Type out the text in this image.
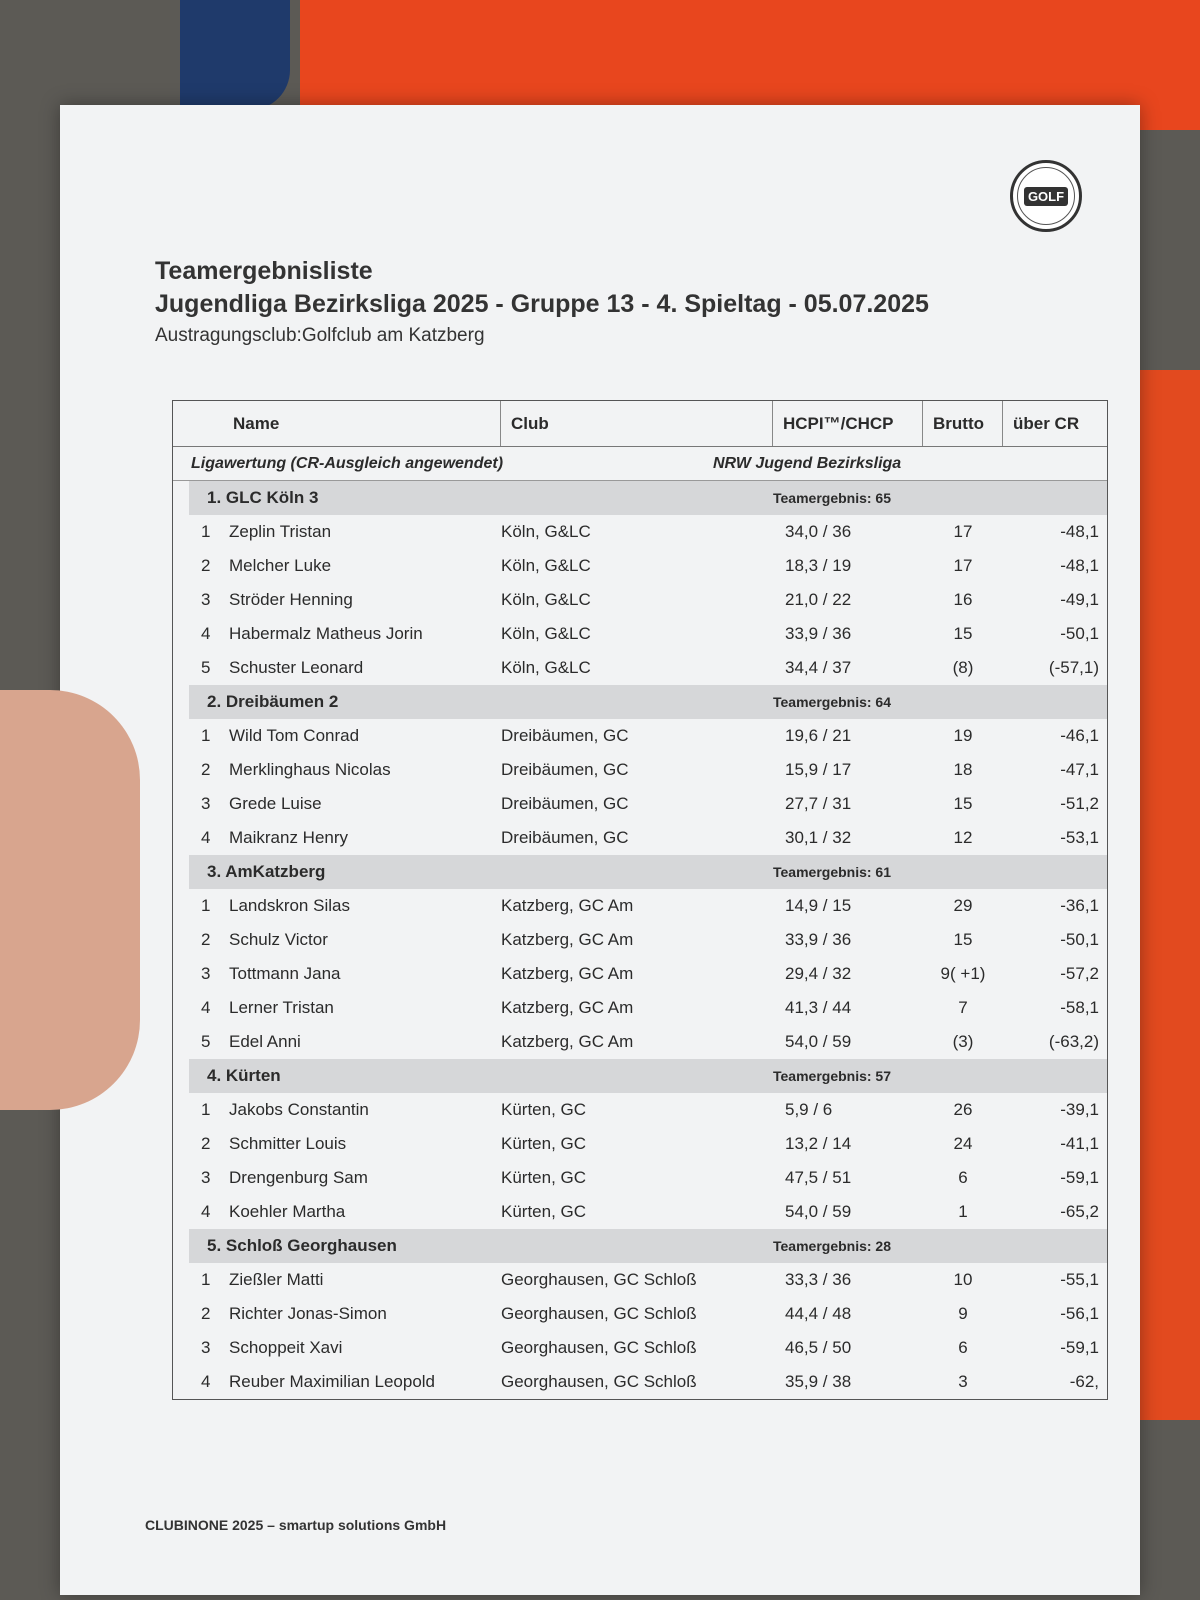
GOLF
Teamergebnisliste
Jugendliga Bezirksliga 2025 - Gruppe 13 - 4. Spieltag - 05.07.2025
Austragungsclub:Golfclub am Katzberg
Name	Club	HCPI™/CHCP	Brutto	über CR
Ligawertung (CR-Ausgleich angewendet)	NRW Jugend Bezirksliga
1. GLC Köln 3	Teamergebnis: 65
1	Zeplin Tristan	Köln, G&LC	34,0 / 36	17	-48,1
2	Melcher Luke	Köln, G&LC	18,3 / 19	17	-48,1
3	Ströder Henning	Köln, G&LC	21,0 / 22	16	-49,1
4	Habermalz Matheus Jorin	Köln, G&LC	33,9 / 36	15	-50,1
5	Schuster Leonard	Köln, G&LC	34,4 / 37	(8)	(-57,1)
2. Dreibäumen 2	Teamergebnis: 64
1	Wild Tom Conrad	Dreibäumen, GC	19,6 / 21	19	-46,1
2	Merklinghaus Nicolas	Dreibäumen, GC	15,9 / 17	18	-47,1
3	Grede Luise	Dreibäumen, GC	27,7 / 31	15	-51,2
4	Maikranz Henry	Dreibäumen, GC	30,1 / 32	12	-53,1
3. AmKatzberg	Teamergebnis: 61
1	Landskron Silas	Katzberg, GC Am	14,9 / 15	29	-36,1
2	Schulz Victor	Katzberg, GC Am	33,9 / 36	15	-50,1
3	Tottmann Jana	Katzberg, GC Am	29,4 / 32	9( +1)	-57,2
4	Lerner Tristan	Katzberg, GC Am	41,3 / 44	7	-58,1
5	Edel Anni	Katzberg, GC Am	54,0 / 59	(3)	(-63,2)
4. Kürten	Teamergebnis: 57
1	Jakobs Constantin	Kürten, GC	5,9 / 6	26	-39,1
2	Schmitter Louis	Kürten, GC	13,2 / 14	24	-41,1
3	Drengenburg Sam	Kürten, GC	47,5 / 51	6	-59,1
4	Koehler Martha	Kürten, GC	54,0 / 59	1	-65,2
5. Schloß Georghausen	Teamergebnis: 28
1	Zießler Matti	Georghausen, GC Schloß	33,3 / 36	10	-55,1
2	Richter Jonas-Simon	Georghausen, GC Schloß	44,4 / 48	9	-56,1
3	Schoppeit Xavi	Georghausen, GC Schloß	46,5 / 50	6	-59,1
4	Reuber Maximilian Leopold	Georghausen, GC Schloß	35,9 / 38	3	-62,
CLUBINONE 2025 – smartup solutions GmbH
